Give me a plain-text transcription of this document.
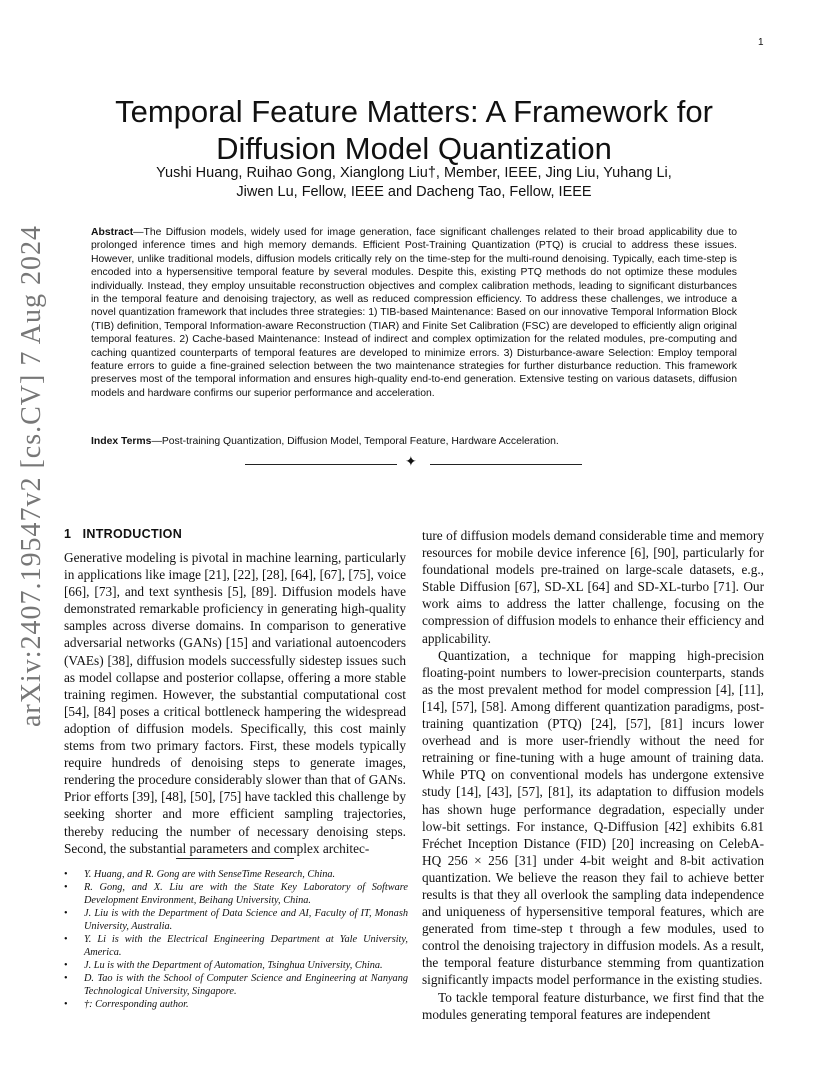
1
arXiv:2407.19547v2 [cs.CV] 7 Aug 2024
Temporal Feature Matters: A Framework for Diffusion Model Quantization
Yushi Huang, Ruihao Gong, Xianglong Liu†, Member, IEEE, Jing Liu, Yuhang Li,
Jiwen Lu, Fellow, IEEE and Dacheng Tao, Fellow, IEEE
Abstract—The Diffusion models, widely used for image generation, face significant challenges related to their broad applicability due to prolonged inference times and high memory demands. Efficient Post-Training Quantization (PTQ) is crucial to address these issues. However, unlike traditional models, diffusion models critically rely on the time-step for the multi-round denoising. Typically, each time-step is encoded into a hypersensitive temporal feature by several modules. Despite this, existing PTQ methods do not optimize these modules individually. Instead, they employ unsuitable reconstruction objectives and complex calibration methods, leading to significant disturbances in the temporal feature and denoising trajectory, as well as reduced compression efficiency. To address these challenges, we introduce a novel quantization framework that includes three strategies: 1) TIB-based Maintenance: Based on our innovative Temporal Information Block (TIB) definition, Temporal Information-aware Reconstruction (TIAR) and Finite Set Calibration (FSC) are developed to efficiently align original temporal features. 2) Cache-based Maintenance: Instead of indirect and complex optimization for the related modules, pre-computing and caching quantized counterparts of temporal features are developed to minimize errors. 3) Disturbance-aware Selection: Employ temporal feature errors to guide a fine-grained selection between the two maintenance strategies for further disturbance reduction. This framework preserves most of the temporal information and ensures high-quality end-to-end generation. Extensive testing on various datasets, diffusion models and hardware confirms our superior performance and acceleration.
Index Terms—Post-training Quantization, Diffusion Model, Temporal Feature, Hardware Acceleration.
✦
1 INTRODUCTION

Generative modeling is pivotal in machine learning, particularly in applications like image [21], [22], [28], [64], [67], [75], voice [66], [73], and text synthesis [5], [89]. Diffusion models have demonstrated remarkable proficiency in generating high-quality samples across diverse domains. In comparison to generative adversarial networks (GANs) [15] and variational autoencoders (VAEs) [38], diffusion models successfully sidestep issues such as model collapse and posterior collapse, offering a more stable training regimen. However, the substantial computational cost [54], [84] poses a critical bottleneck hampering the widespread adoption of diffusion models. Specifically, this cost mainly stems from two primary factors. First, these models typically require hundreds of denoising steps to generate images, rendering the procedure considerably slower than that of GANs. Prior efforts [39], [48], [50], [75] have tackled this challenge by seeking shorter and more efficient sampling trajectories, thereby reducing the number of necessary denoising steps. Second, the substantial parameters and complex architec-

• Y. Huang, and R. Gong are with SenseTime Research, China.
• R. Gong, and X. Liu are with the State Key Laboratory of Software Development Environment, Beihang University, China.
• J. Liu is with the Department of Data Science and AI, Faculty of IT, Monash University, Australia.
• Y. Li is with the Electrical Engineering Department at Yale University, America.
• J. Lu is with the Department of Automation, Tsinghua University, China.
• D. Tao is with the School of Computer Science and Engineering at Nanyang Technological University, Singapore.
• †: Corresponding author.

ture of diffusion models demand considerable time and memory resources for mobile device inference [6], [90], particularly for foundational models pre-trained on large-scale datasets, e.g., Stable Diffusion [67], SD-XL [64] and SD-XL-turbo [71]. Our work aims to address the latter challenge, focusing on the compression of diffusion models to enhance their efficiency and applicability.

Quantization, a technique for mapping high-precision floating-point numbers to lower-precision counterparts, stands as the most prevalent method for model compression [4], [11], [14], [57], [58]. Among different quantization paradigms, post-training quantization (PTQ) [24], [57], [81] incurs lower overhead and is more user-friendly without the need for retraining or fine-tuning with a huge amount of training data. While PTQ on conventional models has undergone extensive study [14], [43], [57], [81], its adaptation to diffusion models has shown huge performance degradation, especially under low-bit settings. For instance, Q-Diffusion [42] exhibits 6.81 Fréchet Inception Distance (FID) [20] increasing on CelebA-HQ 256 × 256 [31] under 4-bit weight and 8-bit activation quantization. We believe the reason they fail to achieve better results is that they all overlook the sampling data independence and uniqueness of hypersensitive temporal features, which are generated from time-step t through a few modules, used to control the denoising trajectory in diffusion models. As a result, the temporal feature disturbance stemming from quantization significantly impacts model performance in the existing studies.

To tackle temporal feature disturbance, we first find that the modules generating temporal features are independent
